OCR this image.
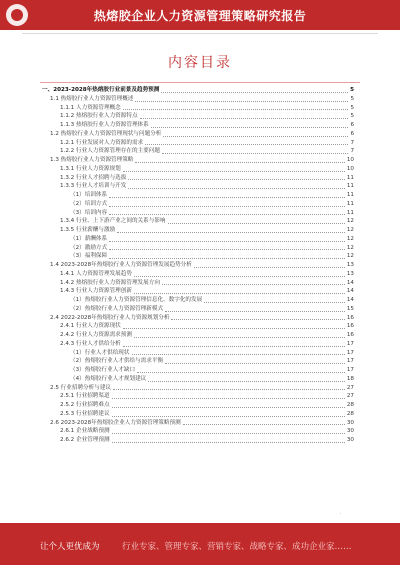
热熔胶企业人力资源管理策略研究报告
内容目录
一、2023-2028年热熔胶行业前景及趋势预测	5
1.1 热熔胶行业人力资源管理概述	5
1.1.1 人力资源管理概念	5
1.1.2 热熔胶行业人力资源特点	5
1.1.3 热熔胶行业人力资源管理体系	6
1.2 热熔胶行业人力资源管理现状与问题分析	6
1.2.1 行业发展对人力资源的需求	7
1.2.2 行业人力资源管理存在的主要问题	7
1.3 热熔胶行业人力资源管理策略	10
1.3.1 行业人力资源规划	10
1.3.2 行业人才招聘与选拔	11
1.3.3 行业人才培训与开发	11
（1）培训体系	11
（2）培训方式	11
（3）培训内容	11
1.3.4 行业、上下游产业之间的关系与影响	12
1.3.5 行业薪酬与激励	12
（1）薪酬体系	12
（2）激励方式	12
（3）福利保障	12
1.4 2023-2028年热熔胶行业人力资源管理发展趋势分析	13
1.4.1 人力资源管理发展趋势	13
1.4.2 热熔胶行业人力资源管理发展方向	14
1.4.3 行业人力资源管理创新	14
（1）热熔胶行业人力资源管理信息化、数字化的发展	14
（2）热熔胶行业人力资源管理新模式	15
2.4 2022-2028年热熔胶行业人力资源规划分析	16
2.4.1 行业人力资源现状	16
2.4.2 行业人力资源需求预测	16
2.4.3 行业人才供给分析	17
（1）行业人才供给现状	17
（2）热熔胶行业人才供给与需求平衡	17
（3）热熔胶行业人才缺口	17
（4）热熔胶行业人才规划建议	18
2.5 行业招聘分析与建议	27
2.5.1 行业招聘渠道	27
2.5.2 行业招聘难点	28
2.5.3 行业招聘建议	28
2.6 2023-2028年热熔胶企业人力资源管理策略预测	30
2.6.1 企业战略预测	30
2.6.2 企业管理预测	30
·
让个人更优成为	行业专家、管理专家、营销专家、战略专家、成功企业家……
